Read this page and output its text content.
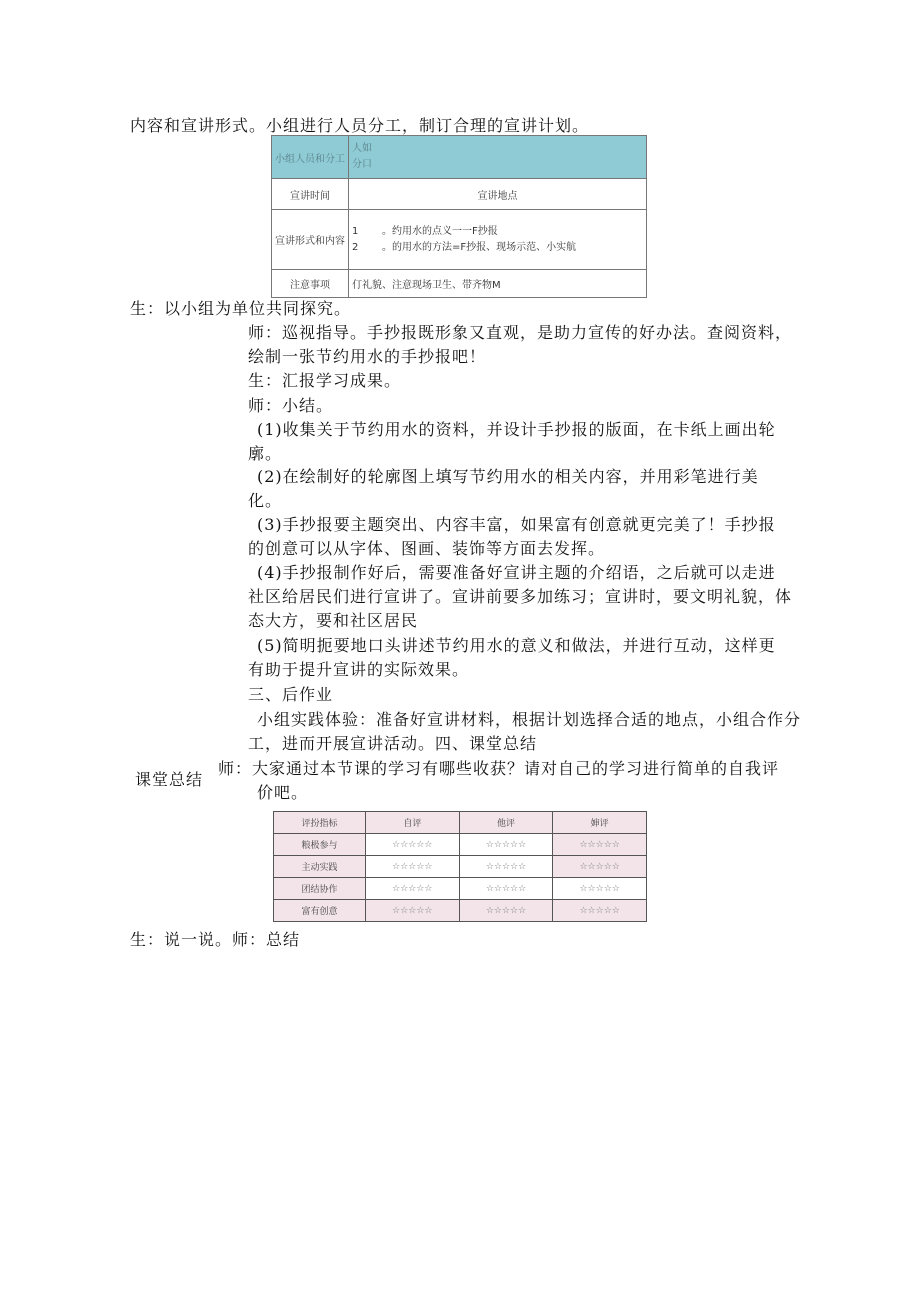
内容和宣讲形式。小组进行人员分工，制订合理的宣讲计划。
小组人员和分工	人如
分口

宣讲时间	宣讲地点
宣讲形式和内容	1 。约用水的点义一一F抄报
2 。的用水的方法=F抄报、现场示范、小实航

注意事项	仃礼貌、注意现场卫生、带齐物M
生：以小组为单位共同探究。
师：巡视指导。手抄报既形象又直观，是助力宣传的好办法。查阅资料，
绘制一张节约用水的手抄报吧！
生：汇报学习成果。
师：小结。
(1)收集关于节约用水的资料，并设计手抄报的版面，在卡纸上画出轮
廓。
(2)在绘制好的轮廓图上填写节约用水的相关内容，并用彩笔进行美
化。
(3)手抄报要主题突出、内容丰富，如果富有创意就更完美了！手抄报
的创意可以从字体、图画、装饰等方面去发挥。
(4)手抄报制作好后，需要准备好宣讲主题的介绍语，之后就可以走进
社区给居民们进行宣讲了。宣讲前要多加练习；宣讲时，要文明礼貌，体
态大方，要和社区居民
(5)简明扼要地口头讲述节约用水的意义和做法，并进行互动，这样更
有助于提升宣讲的实际效果。
三、后作业
小组实践体验：准备好宣讲材料，根据计划选择合适的地点，小组合作分
工，进而开展宣讲活动。四、课堂总结
课堂总结
师：大家通过本节课的学习有哪些收获？请对自己的学习进行简单的自我评
价吧。
评扮指标	自评	他评	婶评
粮极参与	☆☆☆☆☆	☆☆☆☆☆	☆☆☆☆☆
主动实践	☆☆☆☆☆	☆☆☆☆☆	☆☆☆☆☆
团结协作	☆☆☆☆☆	☆☆☆☆☆	☆☆☆☆☆
富有创意	☆☆☆☆☆	☆☆☆☆☆	☆☆☆☆☆
生：说一说。师：总结
